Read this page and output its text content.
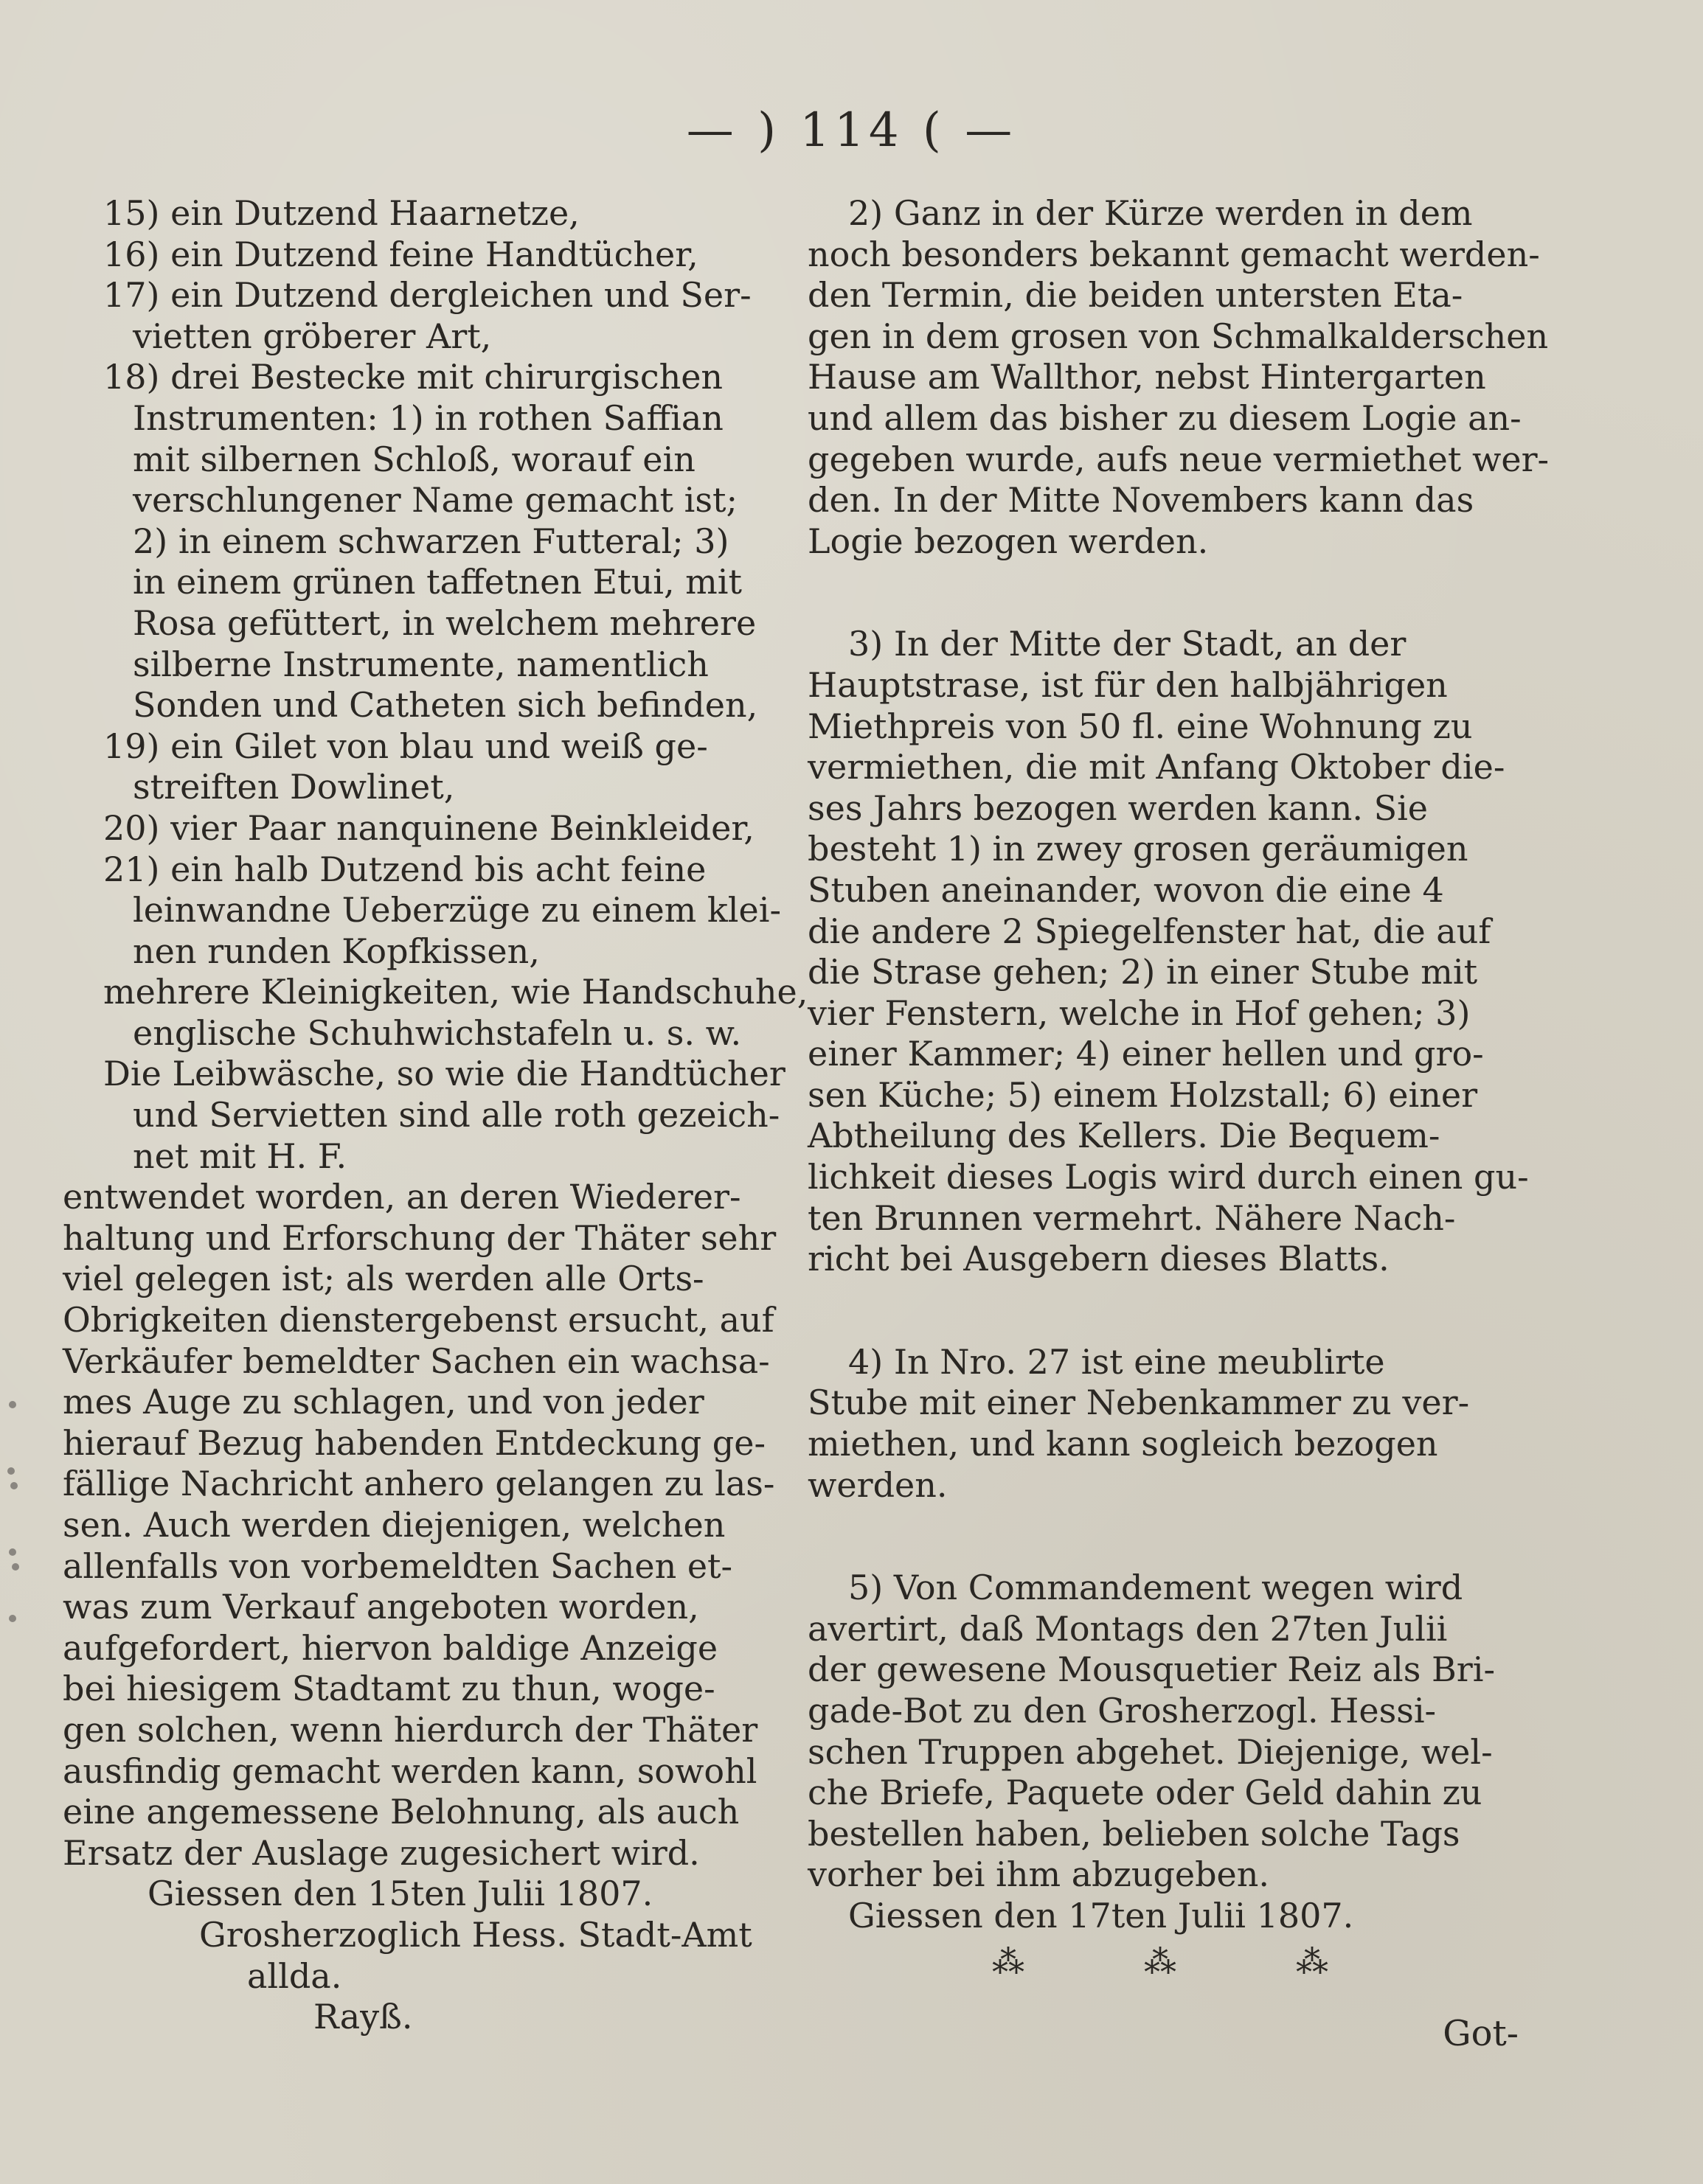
— ) 114 ( —
15) ein Dutzend Haarnetze,
16) ein Dutzend feine Handtücher,
17) ein Dutzend dergleichen und Ser-
vietten gröberer Art,
18) drei Bestecke mit chirurgischen
Instrumenten: 1) in rothen Saffian
mit silbernen Schloß, worauf ein
verschlungener Name gemacht ist;
2) in einem schwarzen Futteral; 3)
in einem grünen taffetnen Etui, mit
Rosa gefüttert, in welchem mehrere
silberne Instrumente, namentlich
Sonden und Catheten sich befinden,
19) ein Gilet von blau und weiß ge-
streiften Dowlinet,
20) vier Paar nanquinene Beinkleider,
21) ein halb Dutzend bis acht feine
leinwandne Ueberzüge zu einem klei-
nen runden Kopfkissen,
mehrere Kleinigkeiten, wie Handschuhe,
englische Schuhwichstafeln u. s. w.
Die Leibwäsche, so wie die Handtücher
und Servietten sind alle roth gezeich-
net mit H. F.
entwendet worden, an deren Wiederer-
haltung und Erforschung der Thäter sehr
viel gelegen ist; als werden alle Orts-
Obrigkeiten dienstergebenst ersucht, auf
Verkäufer bemeldter Sachen ein wachsa-
mes Auge zu schlagen, und von jeder
hierauf Bezug habenden Entdeckung ge-
fällige Nachricht anhero gelangen zu las-
sen. Auch werden diejenigen, welchen
allenfalls von vorbemeldten Sachen et-
was zum Verkauf angeboten worden,
aufgefordert, hiervon baldige Anzeige
bei hiesigem Stadtamt zu thun, woge-
gen solchen, wenn hierdurch der Thäter
ausfindig gemacht werden kann, sowohl
eine angemessene Belohnung, als auch
Ersatz der Auslage zugesichert wird.
Giessen den 15ten Julii 1807.
Grosherzoglich Hess. Stadt-Amt
allda.
Rayß.
2) Ganz in der Kürze werden in dem
noch besonders bekannt gemacht werden-
den Termin, die beiden untersten Eta-
gen in dem grosen von Schmalkalderschen
Hause am Wallthor, nebst Hintergarten
und allem das bisher zu diesem Logie an-
gegeben wurde, aufs neue vermiethet wer-
den. In der Mitte Novembers kann das
Logie bezogen werden.
3) In der Mitte der Stadt, an der
Hauptstrase, ist für den halbjährigen
Miethpreis von 50 fl. eine Wohnung zu
vermiethen, die mit Anfang Oktober die-
ses Jahrs bezogen werden kann. Sie
besteht 1) in zwey grosen geräumigen
Stuben aneinander, wovon die eine 4
die andere 2 Spiegelfenster hat, die auf
die Strase gehen; 2) in einer Stube mit
vier Fenstern, welche in Hof gehen; 3)
einer Kammer; 4) einer hellen und gro-
sen Küche; 5) einem Holzstall; 6) einer
Abtheilung des Kellers. Die Bequem-
lichkeit dieses Logis wird durch einen gu-
ten Brunnen vermehrt. Nähere Nach-
richt bei Ausgebern dieses Blatts.
4) In Nro. 27 ist eine meublirte
Stube mit einer Nebenkammer zu ver-
miethen, und kann sogleich bezogen
werden.
5) Von Commandement wegen wird
avertirt, daß Montags den 27ten Julii
der gewesene Mousquetier Reiz als Bri-
gade-Bot zu den Grosherzogl. Hessi-
schen Truppen abgehet. Diejenige, wel-
che Briefe, Paquete oder Geld dahin zu
bestellen haben, belieben solche Tags
vorher bei ihm abzugeben.
Giessen den 17ten Julii 1807.
⁂	⁂	⁂
Got-
